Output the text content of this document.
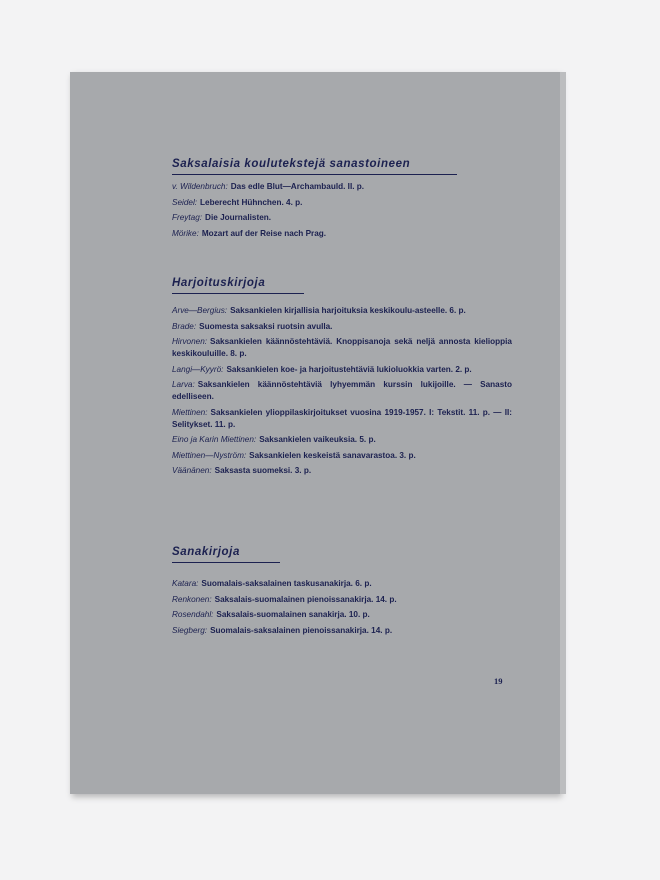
Saksalaisia koulutekstejä sanastoineen

v. Wildenbruch: Das edle Blut—Archambauld. II. p.

Seidel: Leberecht Hühnchen. 4. p.

Freytag: Die Journalisten.

Mörike: Mozart auf der Reise nach Prag.

Harjoituskirjoja

Arve—Bergius: Saksankielen kirjallisia harjoituksia keskikoulu-asteelle. 6. p.

Brade: Suomesta saksaksi ruotsin avulla.

Hirvonen: Saksankielen käännöstehtäviä. Knoppisanoja sekä neljä annosta kielioppia keskikouluille. 8. p.

Langi—Kyyrö: Saksankielen koe- ja harjoitustehtäviä lukioluokkia varten. 2. p.

Larva: Saksankielen käännöstehtäviä lyhyemmän kurssin lukijoille. — Sanasto edelliseen.

Miettinen: Saksankielen ylioppilaskirjoitukset vuosina 1919-1957. I: Tekstit. 11. p. — II: Selitykset. 11. p.

Eino ja Karin Miettinen: Saksankielen vaikeuksia. 5. p.

Miettinen—Nyström: Saksankielen keskeistä sanavarastoa. 3. p.

Väänänen: Saksasta suomeksi. 3. p.

Sanakirjoja

Katara: Suomalais-saksalainen taskusanakirja. 6. p.

Renkonen: Saksalais-suomalainen pienoissanakirja. 14. p.

Rosendahl: Saksalais-suomalainen sanakirja. 10. p.

Siegberg: Suomalais-saksalainen pienoissanakirja. 14. p.

19
